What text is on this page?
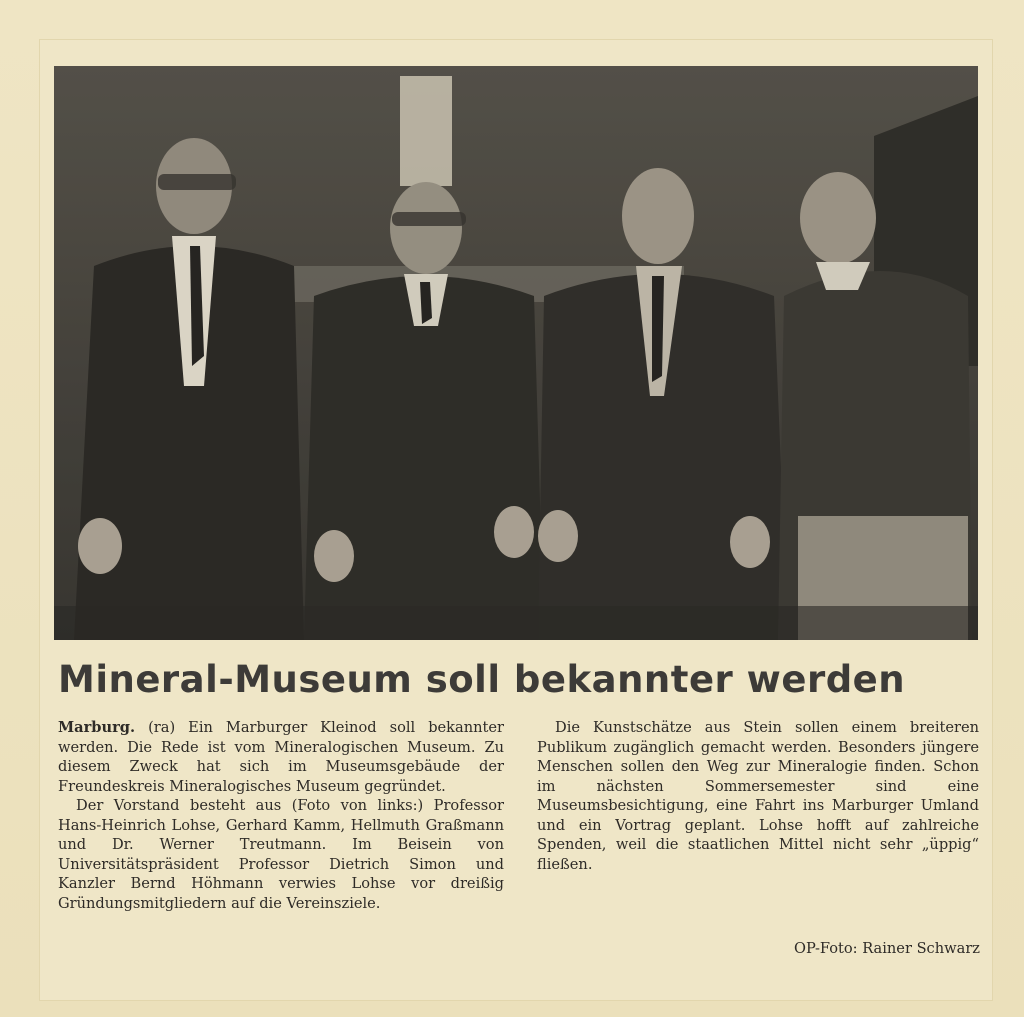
Mineral-Museum soll bekannter werden

Marburg. (ra) Ein Marburger Kleinod soll bekannter werden. Die Rede ist vom Mineralogischen Museum. Zu diesem Zweck hat sich im Museumsgebäude der Freundeskreis Mineralogisches Museum gegründet.

Der Vorstand besteht aus (Foto von links:) Professor Hans-Heinrich Lohse, Gerhard Kamm, Hellmuth Graßmann und Dr. Werner Treutmann. Im Beisein von Universitätspräsident Professor Dietrich Simon und Kanzler Bernd Höhmann verwies Lohse vor dreißig Gründungsmitgliedern auf die Vereinsziele.

Die Kunstschätze aus Stein sollen einem breiteren Publikum zugänglich gemacht werden. Besonders jüngere Menschen sollen den Weg zur Mineralogie finden. Schon im nächsten Sommersemester sind eine Museumsbesichtigung, eine Fahrt ins Marburger Umland und ein Vortrag geplant. Lohse hofft auf zahlreiche Spenden, weil die staatlichen Mittel nicht sehr „üppig“ fließen.

OP-Foto: Rainer Schwarz
